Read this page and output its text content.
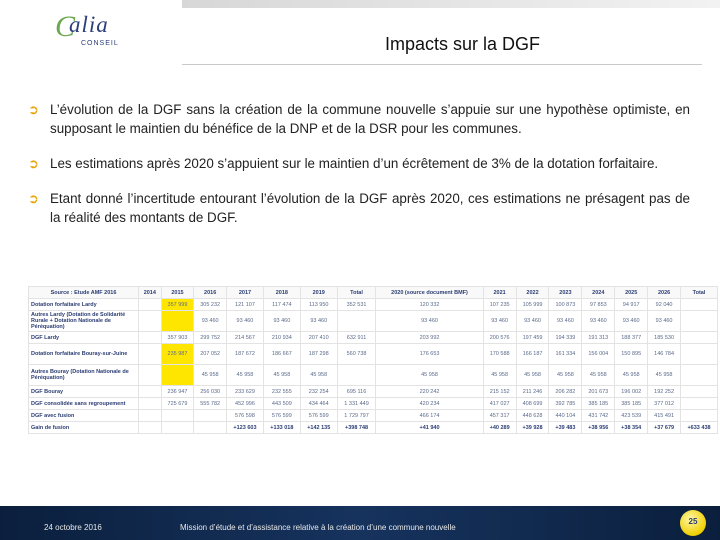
C
alia
CONSEIL	Impacts sur la DGF
➲ L’évolution de la DGF sans la création de la commune nouvelle s’appuie sur une hypothèse optimiste, en supposant le maintien du bénéfice de la DNP et de la DSR pour les communes.
➲ Les estimations après 2020 s’appuient sur le maintien d’un écrêtement de 3% de la dotation forfaitaire.
➲ Etant donné l’incertitude entourant l’évolution de la DGF après 2020, ces estimations ne présagent pas de la réalité des montants de DGF.
Source : Etude AMF 2016	2014	2015	2016	2017	2018	2019	Total	2020 (source document BMF)	2021	2022	2023	2024	2025	2026	Total
Dotation forfaitaire Lardy		357 999	305 232	121 107	117 474	113 950	352 531	120 332	107 235	105 999	100 873	97 853	94 917	92 040	
Autres Lardy (Dotation de Solidarité Rurale + Dotation Nationale de Péréquation)			93 460	93 460	93 460	93 460		93 460	93 460	93 460	93 460	93 460	93 460	93 460	
DGF Lardy		357 903	299 752	214 567	210 934	207 410	632 911	203 992	200 576	197 459	194 339	191 313	188 377	185 530	
Dotation forfaitaire Bouray-sur-Juine		235 987	207 052	187 672	186 667	187 298	560 738	176 653	170 588	166 187	161 334	156 004	150 895	146 784	
Autres Bouray (Dotation Nationale de Péréquation)			45 958	45 958	45 958	45 958		45 958	45 958	45 958	45 958	45 958	45 958	45 958	
DGF Bouray		236 947	256 030	233 629	232 555	232 254	695 116	220 242	215 152	211 246	206 282	201 673	196 002	192 252	
DGF consolidée sans regroupement		725 679	555 782	452 996	443 509	434 464	1 331 449	420 234	417 027	408 699	392 785	385 185	385 185	377 012	
DGF avec fusion				576 598	576 599	576 599	1 729 797	466 174	457 317	448 628	440 104	431 742	423 539	415 491	
Gain de fusion				+123 603	+133 018	+142 135	+398 748	+41 940	+40 289	+39 928	+39 483	+38 956	+38 354	+37 679	+633 438
24 octobre 2016	Mission d’étude et d’assistance relative à la création d’une commune nouvelle
25
